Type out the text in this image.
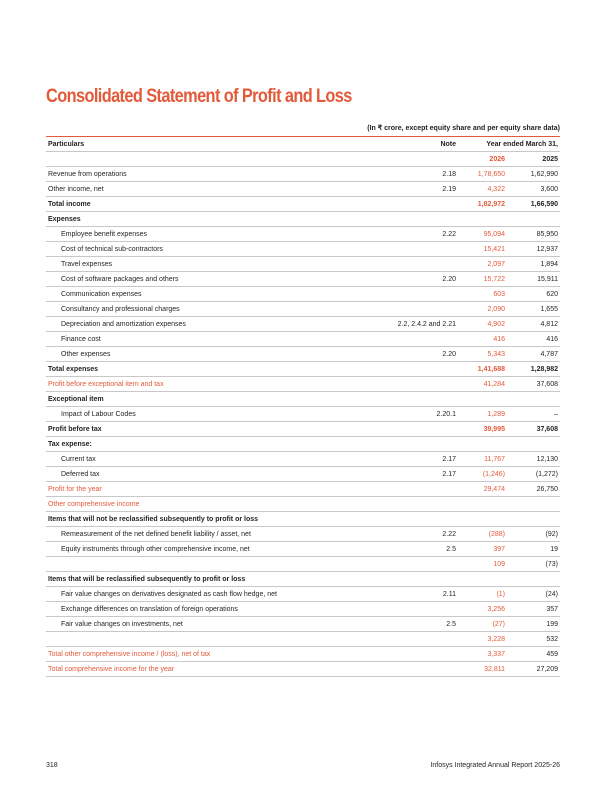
Consolidated Statement of Profit and Loss
(In ₹ crore, except equity share and per equity share data)
Particulars	Note	Year ended March 31,	
		2026	2025
Revenue from operations	2.18	1,78,650	1,62,990
Other income, net	2.19	4,322	3,600
Total income		1,82,972	1,66,590
Expenses			
Employee benefit expenses	2.22	95,094	85,950
Cost of technical sub-contractors		15,421	12,937
Travel expenses		2,097	1,894
Cost of software packages and others	2.20	15,722	15,911
Communication expenses		603	620
Consultancy and professional charges		2,090	1,655
Depreciation and amortization expenses	2.2, 2.4.2 and 2.21	4,902	4,812
Finance cost		416	416
Other expenses	2.20	5,343	4,787
Total expenses		1,41,688	1,28,982
Profit before exceptional item and tax		41,284	37,608
Exceptional item			
Impact of Labour Codes	2.20.1	1,289	–
Profit before tax		39,995	37,608
Tax expense:			
Current tax	2.17	11,767	12,130
Deferred tax	2.17	(1,246)	(1,272)
Profit for the year		29,474	26,750
Other comprehensive income			
Items that will not be reclassified subsequently to profit or loss			
Remeasurement of the net defined benefit liability / asset, net	2.22	(288)	(92)
Equity instruments through other comprehensive income, net	2.5	397	19
		109	(73)
Items that will be reclassified subsequently to profit or loss			
Fair value changes on derivatives designated as cash flow hedge, net	2.11	(1)	(24)
Exchange differences on translation of foreign operations		3,256	357
Fair value changes on investments, net	2.5	(27)	199
		3,228	532
Total other comprehensive income / (loss), net of tax		3,337	459
Total comprehensive income for the year		32,811	27,209
318	Infosys Integrated Annual Report 2025-26
